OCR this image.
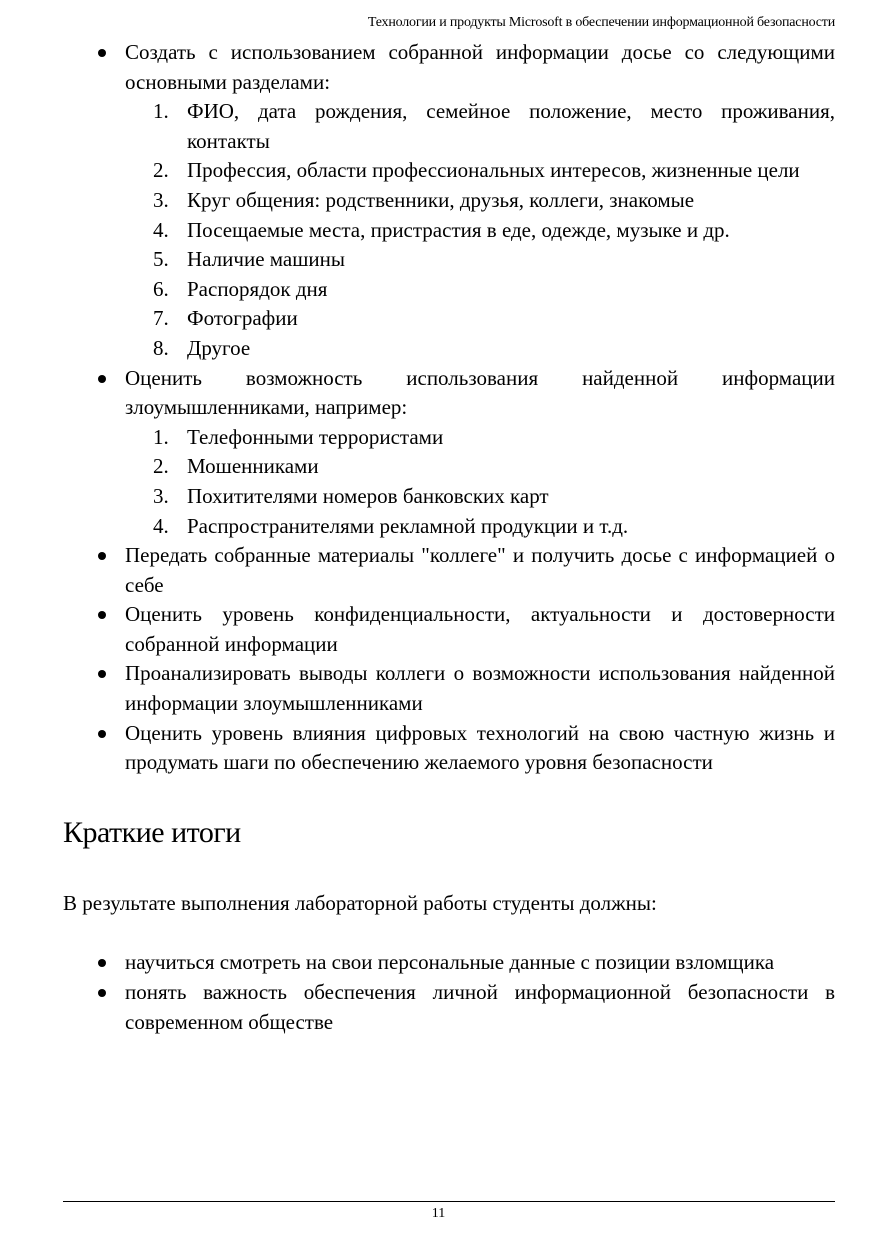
Технологии и продукты Microsoft в обеспечении информационной безопасности
Создать с использованием собранной информации досье со следующими основными разделами:
1. ФИО, дата рождения, семейное положение, место проживания, контакты
2. Профессия, области профессиональных интересов, жизненные цели
3. Круг общения: родственники, друзья, коллеги, знакомые
4. Посещаемые места, пристрастия в еде, одежде, музыке и др.
5. Наличие машины
6. Распорядок дня
7. Фотографии
8. Другое
Оценить возможность использования найденной информации злоумышленниками, например:
1. Телефонными террористами
2. Мошенниками
3. Похитителями номеров банковских карт
4. Распространителями рекламной продукции и т.д.
Передать собранные материалы "коллеге" и получить досье с информацией о себе
Оценить уровень конфиденциальности, актуальности и достоверности собранной информации
Проанализировать выводы коллеги о возможности использования найденной информации злоумышленниками
Оценить уровень влияния цифровых технологий на свою частную жизнь и продумать шаги по обеспечению желаемого уровня безопасности
Краткие итоги
В результате выполнения лабораторной работы студенты должны:
научиться смотреть на свои персональные данные с позиции взломщика
понять важность обеспечения личной информационной безопасности в современном обществе
11
